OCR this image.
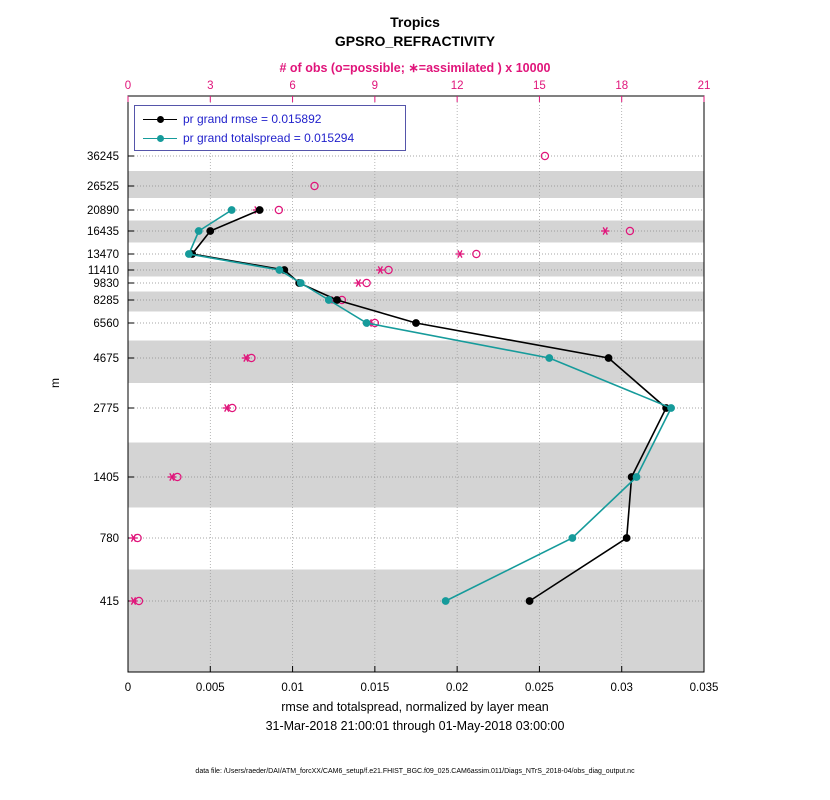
Tropics
GPSRO_REFRACTIVITY
# of obs (o=possible; ∗=assimilated ) x 10000
m
0	0.005	0.01	0.015	0.02	0.025	0.03	0.035
0	3	6	9	12	15	18	21
415
780
1405
2775
4675
6560
8285
9830
11410
13470
16435
20890
26525
36245
pr grand rmse = 0.015892
pr grand totalspread = 0.015294
rmse and totalspread, normalized by layer mean
31-Mar-2018 21:00:01 through 01-May-2018 03:00:00
data file: /Users/raeder/DAI/ATM_forcXX/CAM6_setup/f.e21.FHIST_BGC.f09_025.CAM6assim.011/Diags_NTrS_2018-04/obs_diag_output.nc
